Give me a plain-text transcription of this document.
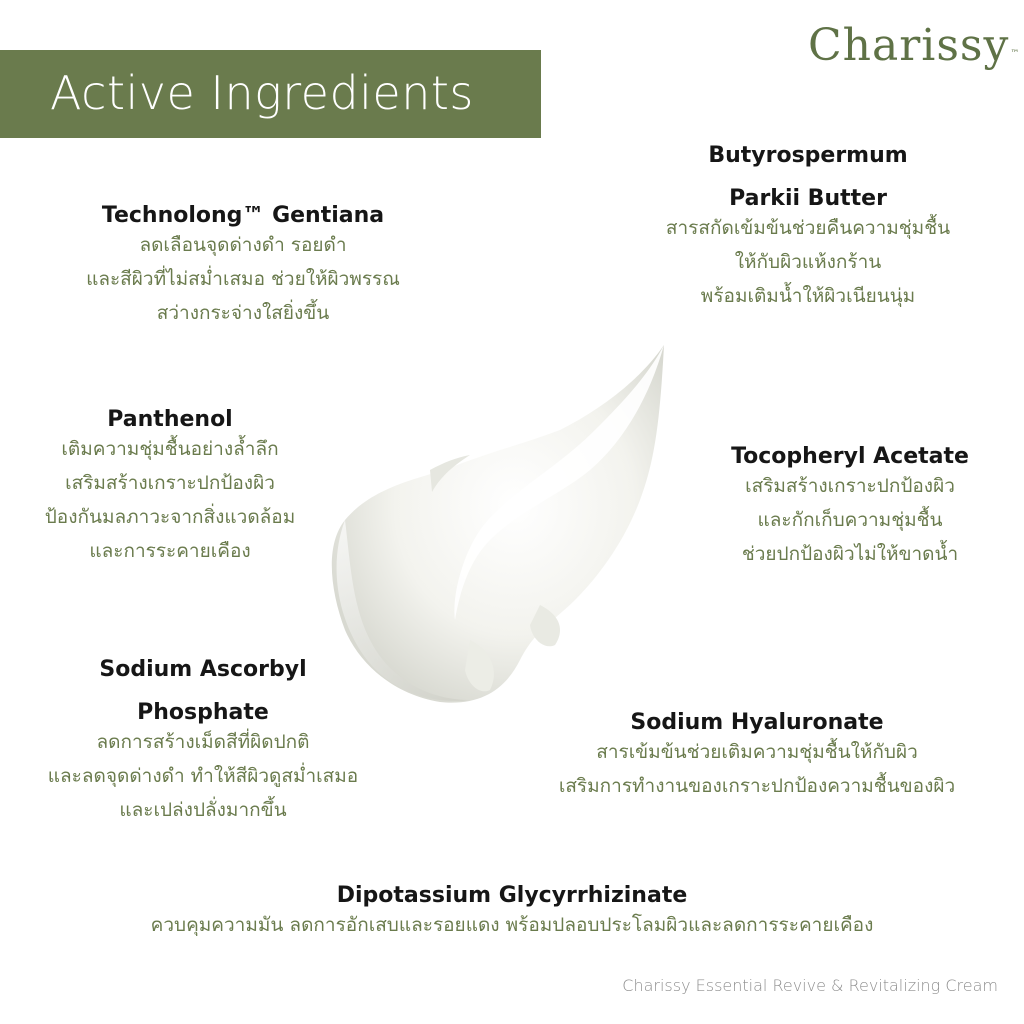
Charissy™
Active Ingredients
Technolong™ Gentiana
ลดเลือนจุดด่างดำ รอยดำ
และสีผิวที่ไม่สม่ำเสมอ ช่วยให้ผิวพรรณ
สว่างกระจ่างใสยิ่งขึ้น
Butyrospermum
Parkii Butter
สารสกัดเข้มข้นช่วยคืนความชุ่มชื้น
ให้กับผิวแห้งกร้าน
พร้อมเติมน้ำให้ผิวเนียนนุ่ม
Panthenol
เติมความชุ่มชื้นอย่างล้ำลึก
เสริมสร้างเกราะปกป้องผิว
ป้องกันมลภาวะจากสิ่งแวดล้อม
และการระคายเคือง
Tocopheryl Acetate
เสริมสร้างเกราะปกป้องผิว
และกักเก็บความชุ่มชื้น
ช่วยปกป้องผิวไม่ให้ขาดน้ำ
Sodium Ascorbyl
Phosphate
ลดการสร้างเม็ดสีที่ผิดปกติ
และลดจุดด่างดำ ทำให้สีผิวดูสม่ำเสมอ
และเปล่งปลั่งมากขึ้น
Sodium Hyaluronate
สารเข้มข้นช่วยเติมความชุ่มชื้นให้กับผิว
เสริมการทำงานของเกราะปกป้องความชื้นของผิว
Dipotassium Glycyrrhizinate
ควบคุมความมัน ลดการอักเสบและรอยแดง พร้อมปลอบประโลมผิวและลดการระคายเคือง
Charissy Essential Revive & Revitalizing Cream
